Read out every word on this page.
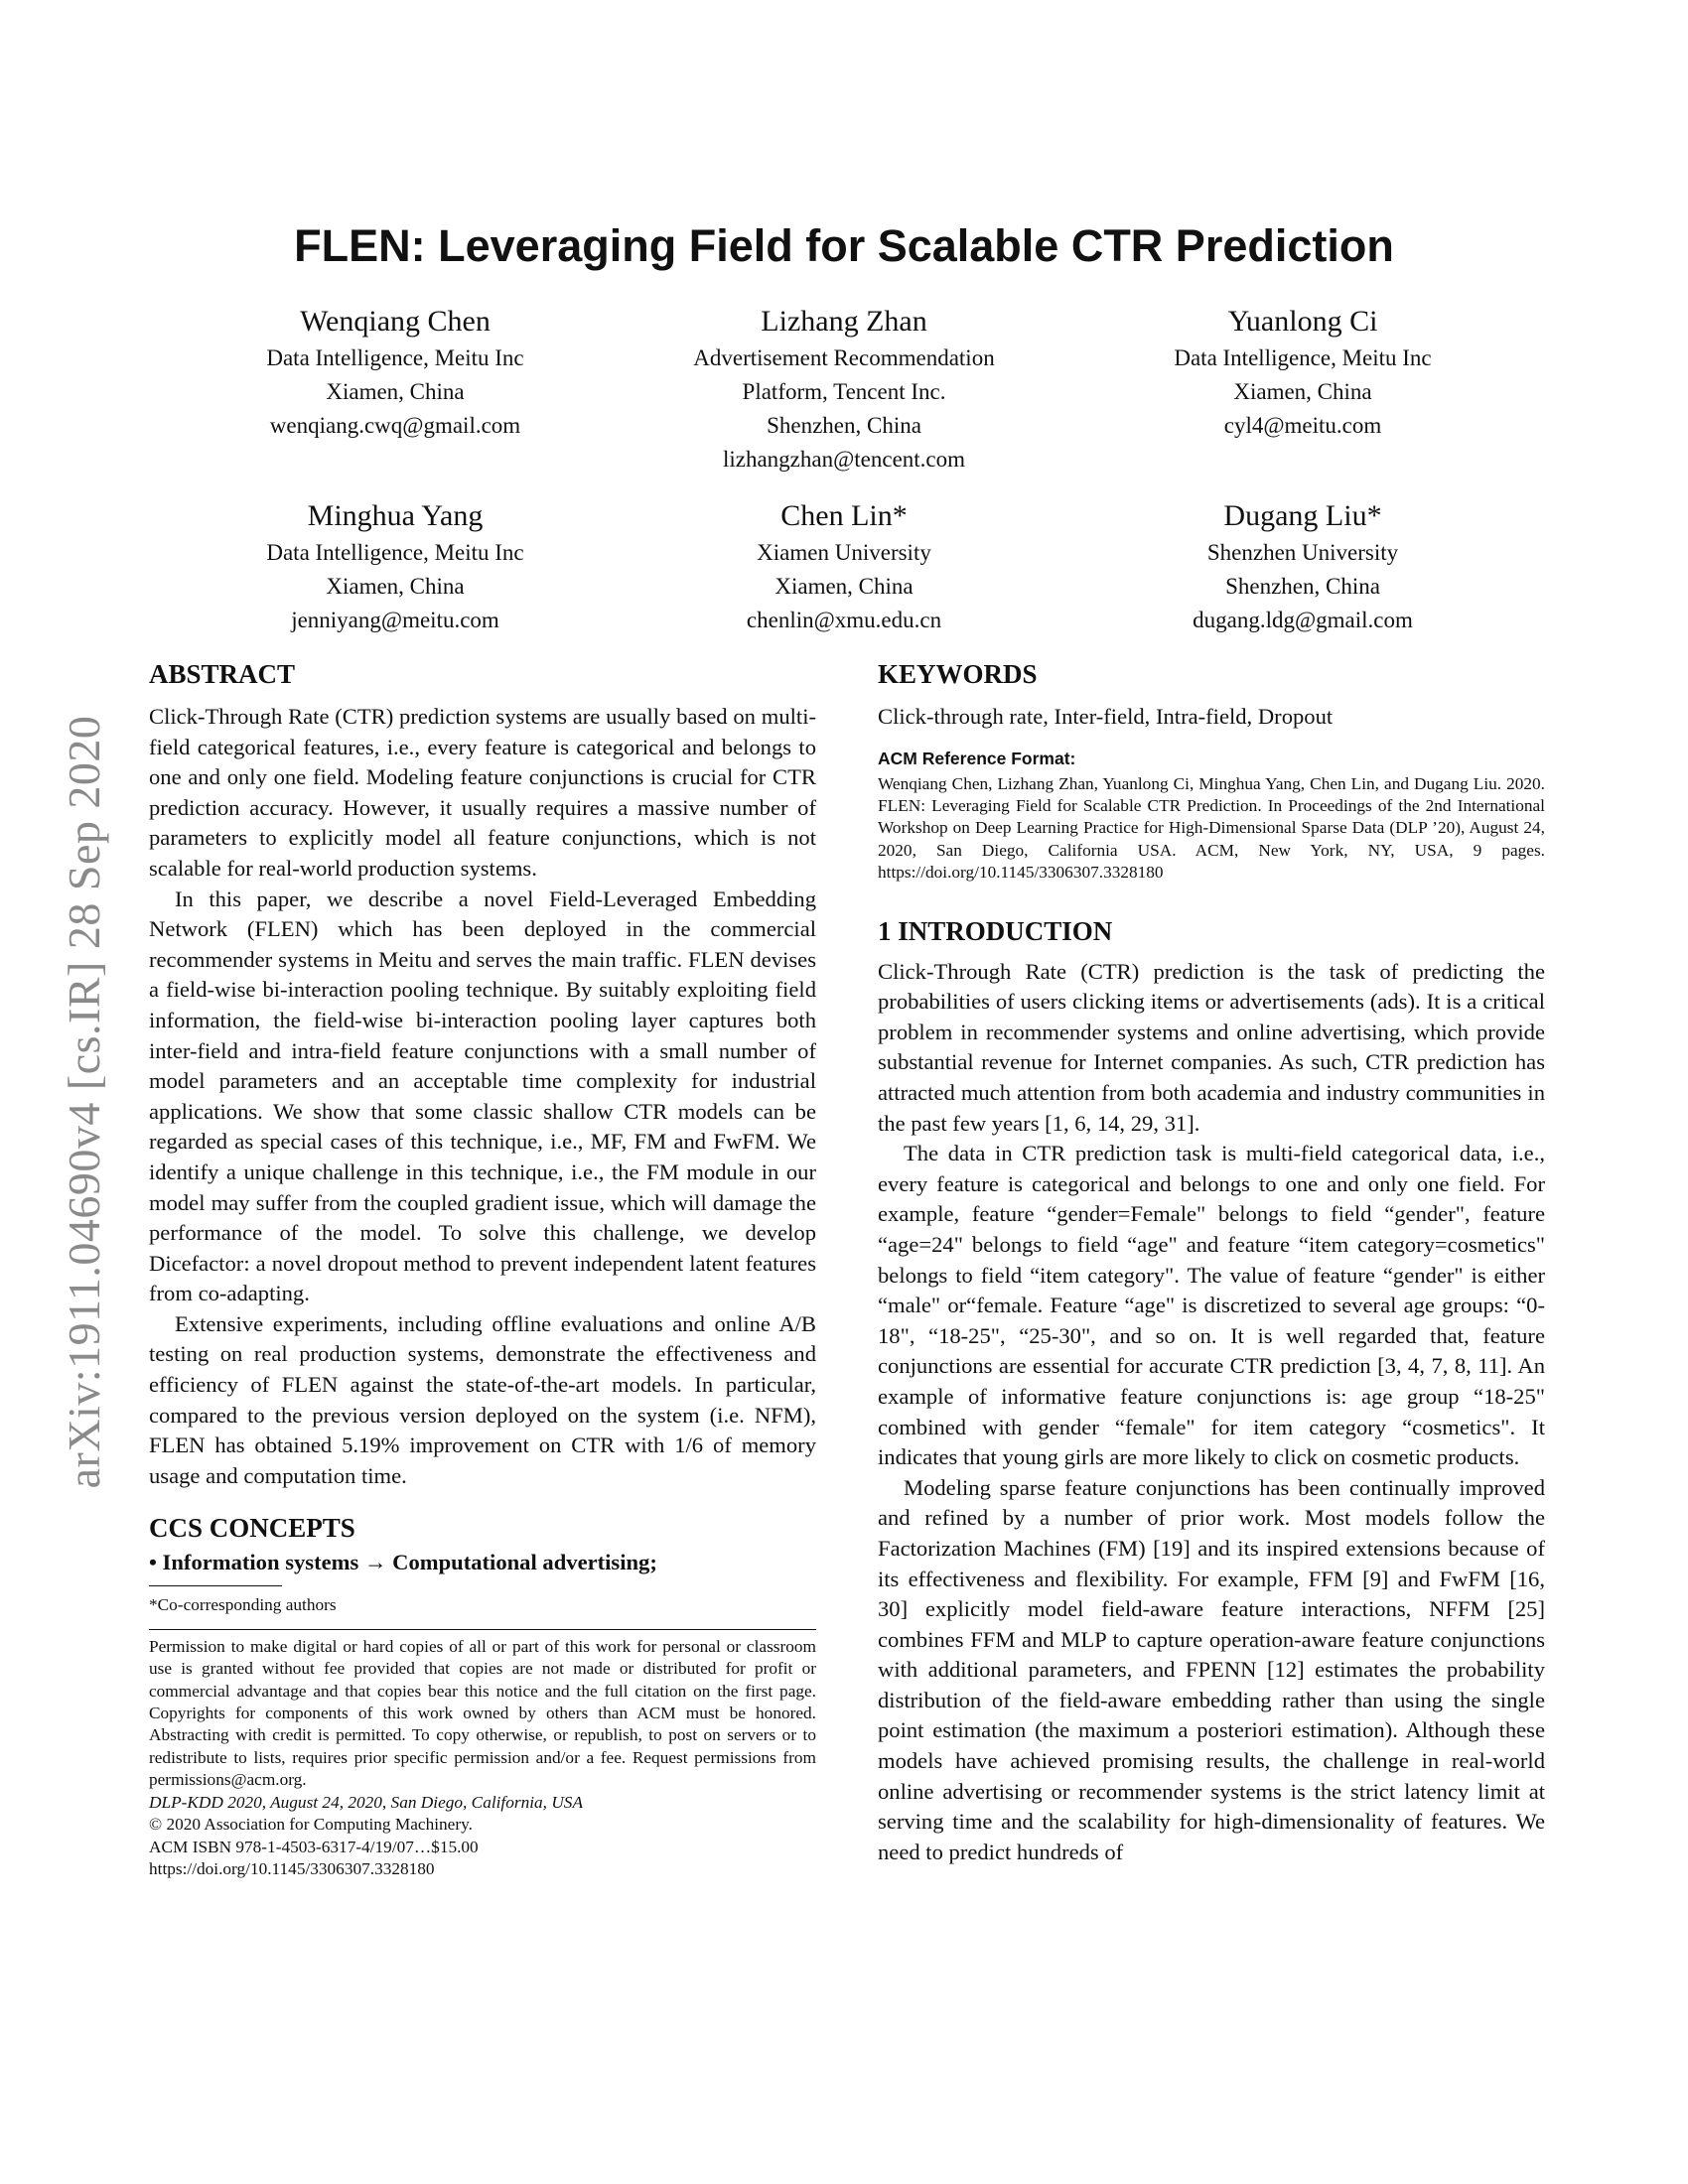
arXiv:1911.04690v4 [cs.IR] 28 Sep 2020
FLEN: Leveraging Field for Scalable CTR Prediction
Wenqiang Chen
Data Intelligence, Meitu Inc
Xiamen, China
wenqiang.cwq@gmail.com
Lizhang Zhan
Advertisement Recommendation
Platform, Tencent Inc.
Shenzhen, China
lizhangzhan@tencent.com
Yuanlong Ci
Data Intelligence, Meitu Inc
Xiamen, China
cyl4@meitu.com
Minghua Yang
Data Intelligence, Meitu Inc
Xiamen, China
jenniyang@meitu.com
Chen Lin*
Xiamen University
Xiamen, China
chenlin@xmu.edu.cn
Dugang Liu*
Shenzhen University
Shenzhen, China
dugang.ldg@gmail.com
ABSTRACT

Click-Through Rate (CTR) prediction systems are usually based on multi-field categorical features, i.e., every feature is categorical and belongs to one and only one field. Modeling feature conjunctions is crucial for CTR prediction accuracy. However, it usually requires a massive number of parameters to explicitly model all feature conjunctions, which is not scalable for real-world production systems.

In this paper, we describe a novel Field-Leveraged Embedding Network (FLEN) which has been deployed in the commercial recommender systems in Meitu and serves the main traffic. FLEN devises a field-wise bi-interaction pooling technique. By suitably exploiting field information, the field-wise bi-interaction pooling layer captures both inter-field and intra-field feature conjunctions with a small number of model parameters and an acceptable time complexity for industrial applications. We show that some classic shallow CTR models can be regarded as special cases of this technique, i.e., MF, FM and FwFM. We identify a unique challenge in this technique, i.e., the FM module in our model may suffer from the coupled gradient issue, which will damage the performance of the model. To solve this challenge, we develop Dicefactor: a novel dropout method to prevent independent latent features from co-adapting.

Extensive experiments, including offline evaluations and online A/B testing on real production systems, demonstrate the effectiveness and efficiency of FLEN against the state-of-the-art models. In particular, compared to the previous version deployed on the system (i.e. NFM), FLEN has obtained 5.19% improvement on CTR with 1/6 of memory usage and computation time.

CCS CONCEPTS
• Information systems → Computational advertising;
*Co-corresponding authors
Permission to make digital or hard copies of all or part of this work for personal or classroom use is granted without fee provided that copies are not made or distributed for profit or commercial advantage and that copies bear this notice and the full citation on the first page. Copyrights for components of this work owned by others than ACM must be honored. Abstracting with credit is permitted. To copy otherwise, or republish, to post on servers or to redistribute to lists, requires prior specific permission and/or a fee. Request permissions from permissions@acm.org.
DLP-KDD 2020, August 24, 2020, San Diego, California, USA
© 2020 Association for Computing Machinery.
ACM ISBN 978-1-4503-6317-4/19/07…$15.00
https://doi.org/10.1145/3306307.3328180
KEYWORDS

Click-through rate, Inter-field, Intra-field, Dropout

ACM Reference Format:
Wenqiang Chen, Lizhang Zhan, Yuanlong Ci, Minghua Yang, Chen Lin, and Dugang Liu. 2020. FLEN: Leveraging Field for Scalable CTR Prediction. In Proceedings of the 2nd International Workshop on Deep Learning Practice for High-Dimensional Sparse Data (DLP ’20), August 24, 2020, San Diego, California USA. ACM, New York, NY, USA, 9 pages. https://doi.org/10.1145/3306307.3328180
1 INTRODUCTION

Click-Through Rate (CTR) prediction is the task of predicting the probabilities of users clicking items or advertisements (ads). It is a critical problem in recommender systems and online advertising, which provide substantial revenue for Internet companies. As such, CTR prediction has attracted much attention from both academia and industry communities in the past few years [1, 6, 14, 29, 31].

The data in CTR prediction task is multi-field categorical data, i.e., every feature is categorical and belongs to one and only one field. For example, feature “gender=Female" belongs to field “gender", feature “age=24" belongs to field “age" and feature “item category=cosmetics" belongs to field “item category". The value of feature “gender" is either “male" or“female. Feature “age" is discretized to several age groups: “0-18", “18-25", “25-30", and so on. It is well regarded that, feature conjunctions are essential for accurate CTR prediction [3, 4, 7, 8, 11]. An example of informative feature conjunctions is: age group “18-25" combined with gender “female" for item category “cosmetics". It indicates that young girls are more likely to click on cosmetic products.

Modeling sparse feature conjunctions has been continually improved and refined by a number of prior work. Most models follow the Factorization Machines (FM) [19] and its inspired extensions because of its effectiveness and flexibility. For example, FFM [9] and FwFM [16, 30] explicitly model field-aware feature interactions, NFFM [25] combines FFM and MLP to capture operation-aware feature conjunctions with additional parameters, and FPENN [12] estimates the probability distribution of the field-aware embedding rather than using the single point estimation (the maximum a posteriori estimation). Although these models have achieved promising results, the challenge in real-world online advertising or recommender systems is the strict latency limit at serving time and the scalability for high-dimensionality of features. We need to predict hundreds of
